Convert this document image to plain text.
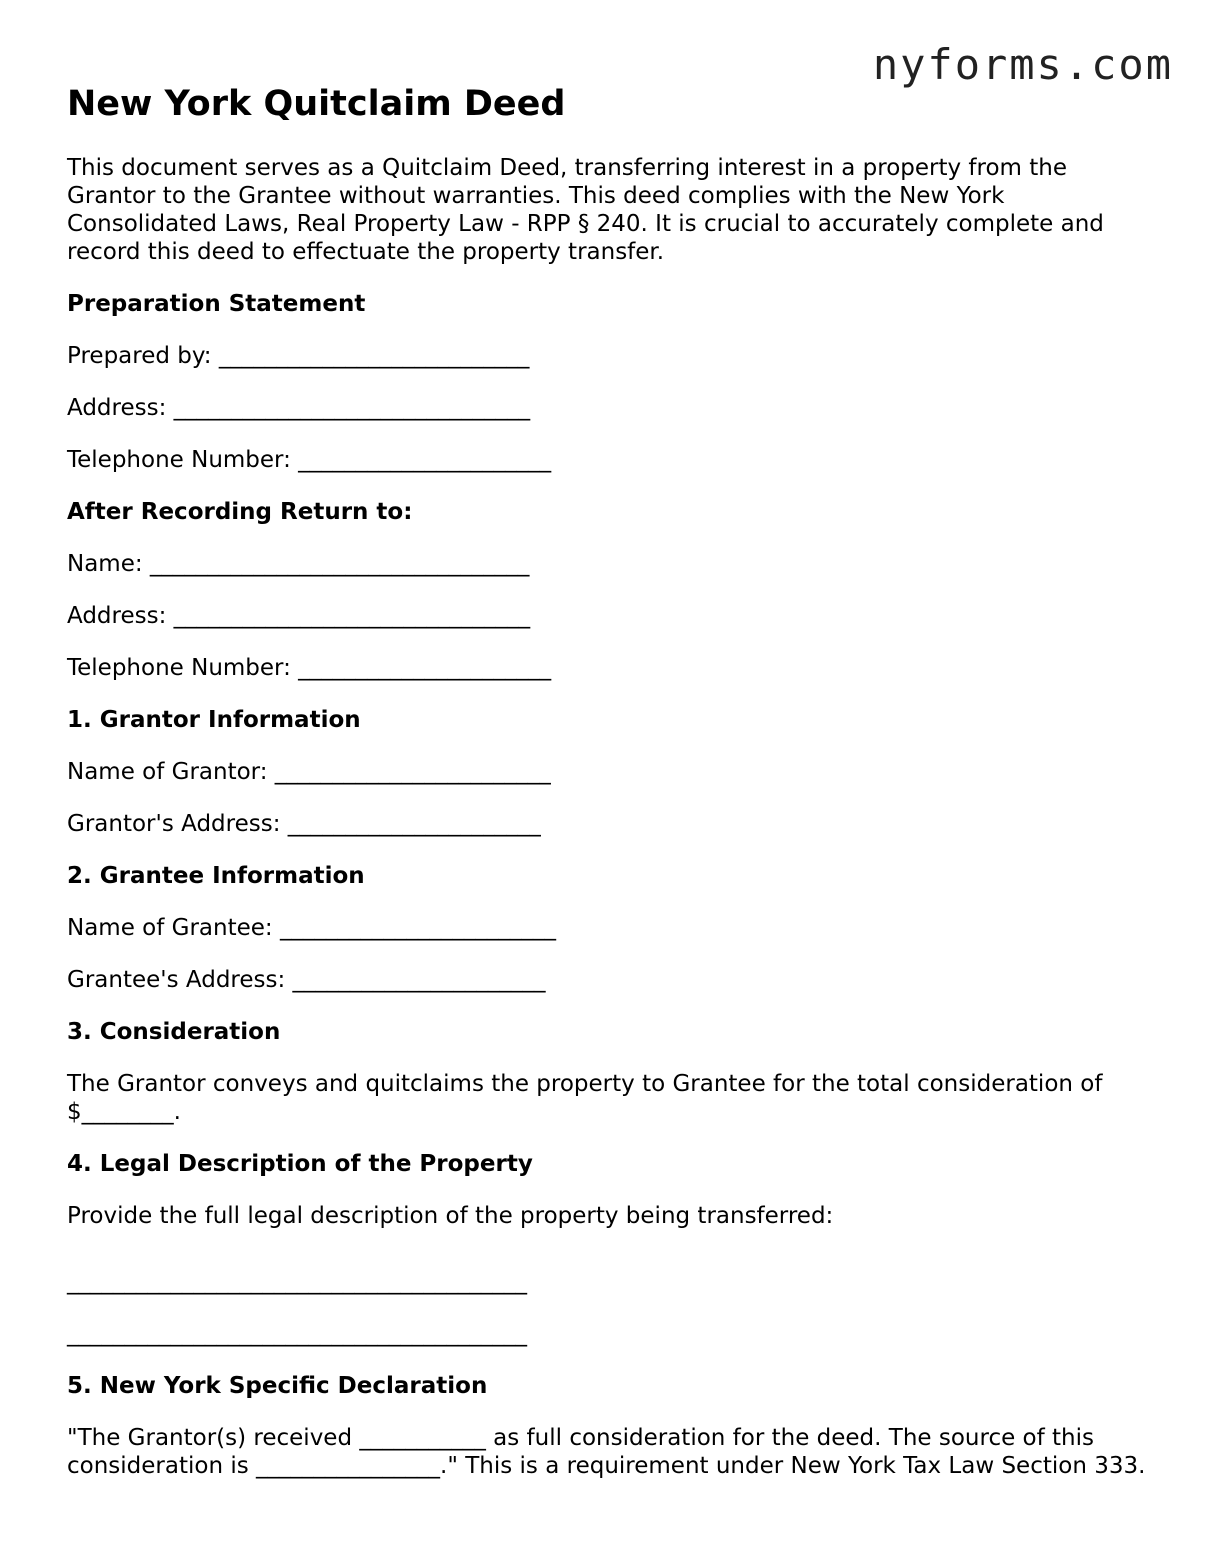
nyforms.com
New York Quitclaim Deed

This document serves as a Quitclaim Deed, transferring interest in a property from the Grantor to the Grantee without warranties. This deed complies with the New York Consolidated Laws, Real Property Law - RPP § 240. It is crucial to accurately complete and record this deed to effectuate the property transfer.

Preparation Statement
Prepared by: ___________________________
Address: _______________________________
Telephone Number: ______________________
After Recording Return to:
Name: _________________________________
Address: _______________________________
Telephone Number: ______________________
1. Grantor Information
Name of Grantor: ________________________
Grantor's Address: ______________________
2. Grantee Information
Name of Grantee: ________________________
Grantee's Address: ______________________
3. Consideration
The Grantor conveys and quitclaims the property to Grantee for the total consideration of $________.
4. Legal Description of the Property
Provide the full legal description of the property being transferred:
________________________________________
________________________________________
5. New York Specific Declaration
"The Grantor(s) received ___________ as full consideration for the deed. The source of this consideration is ________________." This is a requirement under New York Tax Law Section 333.
